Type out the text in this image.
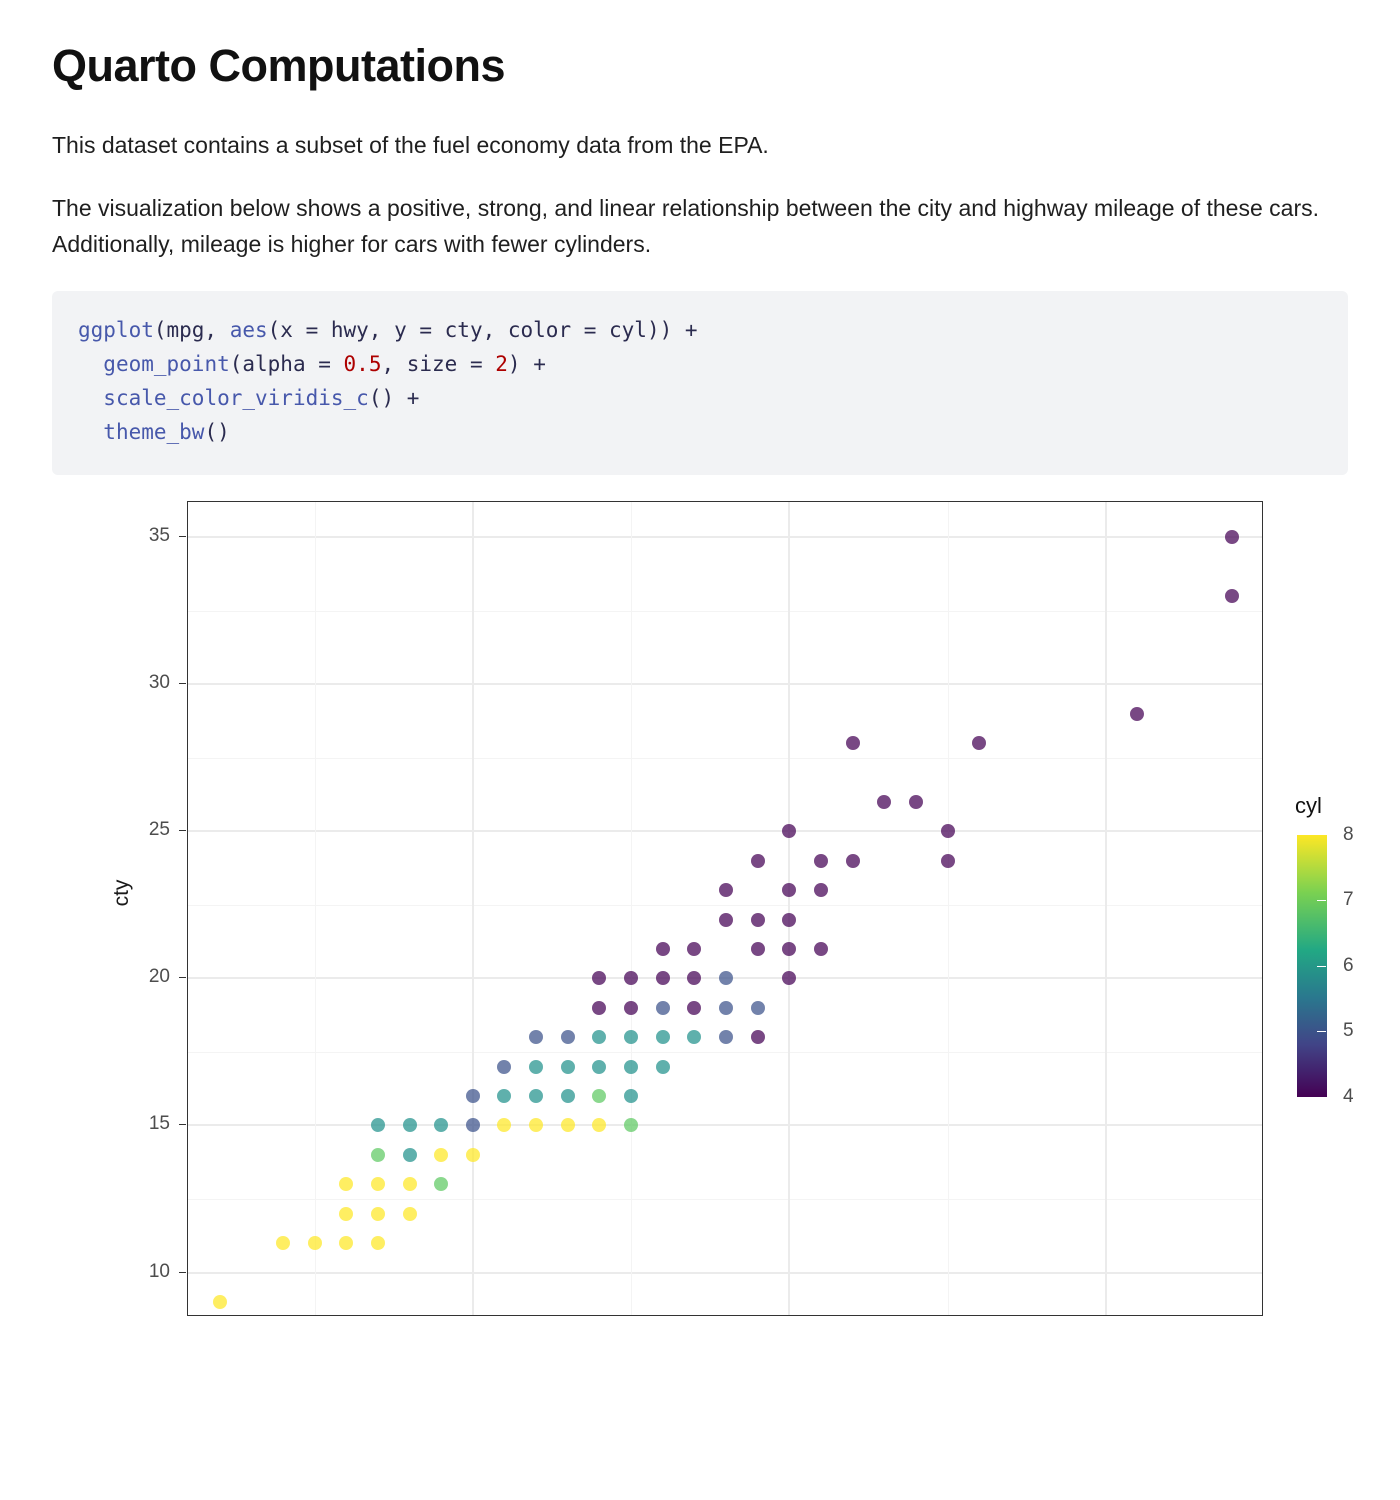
Quarto Computations

This dataset contains a subset of the fuel economy data from the EPA.

The visualization below shows a positive, strong, and linear relationship between the city and highway mileage of these cars. Additionally, mileage is higher for cars with fewer cylinders.

ggplot(mpg, aes(x = hwy, y = cty, color = cyl)) +
geom_point(alpha = 0.5, size = 2) +
scale_color_viridis_c() +
theme_bw()
cty
10
15
20
25
30
35
cyl
8
7
6
5
4
